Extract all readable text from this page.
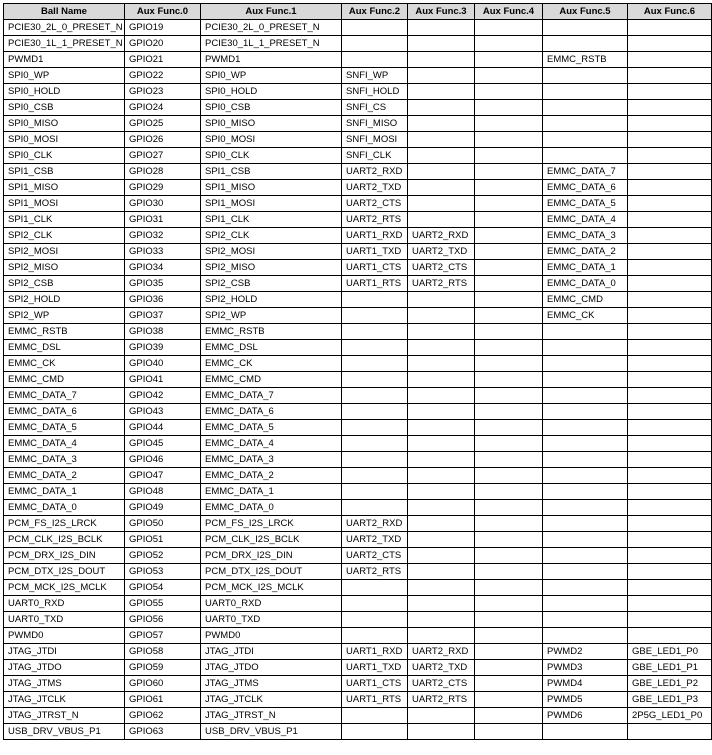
Ball Name	Aux Func.0	Aux Func.1	Aux Func.2	Aux Func.3	Aux Func.4	Aux Func.5	Aux Func.6
PCIE30_2L_0_PRESET_N	GPIO19	PCIE30_2L_0_PRESET_N					
PCIE30_1L_1_PRESET_N	GPIO20	PCIE30_1L_1_PRESET_N					
PWMD1	GPIO21	PWMD1				EMMC_RSTB	
SPI0_WP	GPIO22	SPI0_WP	SNFI_WP				
SPI0_HOLD	GPIO23	SPI0_HOLD	SNFI_HOLD				
SPI0_CSB	GPIO24	SPI0_CSB	SNFI_CS				
SPI0_MISO	GPIO25	SPI0_MISO	SNFI_MISO				
SPI0_MOSI	GPIO26	SPI0_MOSI	SNFI_MOSI				
SPI0_CLK	GPIO27	SPI0_CLK	SNFI_CLK				
SPI1_CSB	GPIO28	SPI1_CSB	UART2_RXD			EMMC_DATA_7	
SPI1_MISO	GPIO29	SPI1_MISO	UART2_TXD			EMMC_DATA_6	
SPI1_MOSI	GPIO30	SPI1_MOSI	UART2_CTS			EMMC_DATA_5	
SPI1_CLK	GPIO31	SPI1_CLK	UART2_RTS			EMMC_DATA_4	
SPI2_CLK	GPIO32	SPI2_CLK	UART1_RXD	UART2_RXD		EMMC_DATA_3	
SPI2_MOSI	GPIO33	SPI2_MOSI	UART1_TXD	UART2_TXD		EMMC_DATA_2	
SPI2_MISO	GPIO34	SPI2_MISO	UART1_CTS	UART2_CTS		EMMC_DATA_1	
SPI2_CSB	GPIO35	SPI2_CSB	UART1_RTS	UART2_RTS		EMMC_DATA_0	
SPI2_HOLD	GPIO36	SPI2_HOLD				EMMC_CMD	
SPI2_WP	GPIO37	SPI2_WP				EMMC_CK	
EMMC_RSTB	GPIO38	EMMC_RSTB					
EMMC_DSL	GPIO39	EMMC_DSL					
EMMC_CK	GPIO40	EMMC_CK					
EMMC_CMD	GPIO41	EMMC_CMD					
EMMC_DATA_7	GPIO42	EMMC_DATA_7					
EMMC_DATA_6	GPIO43	EMMC_DATA_6					
EMMC_DATA_5	GPIO44	EMMC_DATA_5					
EMMC_DATA_4	GPIO45	EMMC_DATA_4					
EMMC_DATA_3	GPIO46	EMMC_DATA_3					
EMMC_DATA_2	GPIO47	EMMC_DATA_2					
EMMC_DATA_1	GPIO48	EMMC_DATA_1					
EMMC_DATA_0	GPIO49	EMMC_DATA_0					
PCM_FS_I2S_LRCK	GPIO50	PCM_FS_I2S_LRCK	UART2_RXD				
PCM_CLK_I2S_BCLK	GPIO51	PCM_CLK_I2S_BCLK	UART2_TXD				
PCM_DRX_I2S_DIN	GPIO52	PCM_DRX_I2S_DIN	UART2_CTS				
PCM_DTX_I2S_DOUT	GPIO53	PCM_DTX_I2S_DOUT	UART2_RTS				
PCM_MCK_I2S_MCLK	GPIO54	PCM_MCK_I2S_MCLK					
UART0_RXD	GPIO55	UART0_RXD					
UART0_TXD	GPIO56	UART0_TXD					
PWMD0	GPIO57	PWMD0					
JTAG_JTDI	GPIO58	JTAG_JTDI	UART1_RXD	UART2_RXD		PWMD2	GBE_LED1_P0
JTAG_JTDO	GPIO59	JTAG_JTDO	UART1_TXD	UART2_TXD		PWMD3	GBE_LED1_P1
JTAG_JTMS	GPIO60	JTAG_JTMS	UART1_CTS	UART2_CTS		PWMD4	GBE_LED1_P2
JTAG_JTCLK	GPIO61	JTAG_JTCLK	UART1_RTS	UART2_RTS		PWMD5	GBE_LED1_P3
JTAG_JTRST_N	GPIO62	JTAG_JTRST_N				PWMD6	2P5G_LED1_P0
USB_DRV_VBUS_P1	GPIO63	USB_DRV_VBUS_P1					
